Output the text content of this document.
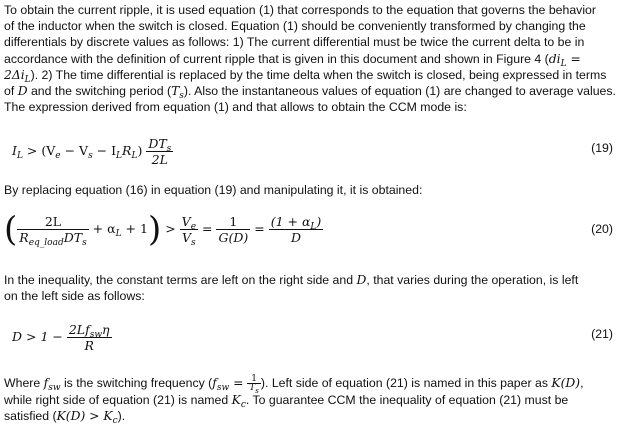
To obtain the current ripple, it is used equation (1) that corresponds to the equation that governs the behavior
of the inductor when the switch is closed. Equation (1) should be conveniently transformed by changing the
differentials by discrete values as follows: 1) The current differential must be twice the current delta to be in
accordance with the definition of current ripple that is given in this document and shown in Figure 4 ($di_L$ =
$2\Delta i_L$). 2) The time differential is replaced by the time delta when the switch is closed, being expressed in terms
of D and the switching period $(T_s)$. Also the instantaneous values of equation (1) are changed to average values.
The expression derived from equation (1) and that allows to obtain the CCM mode is:
$I_L > (V_e - V_s - I_LR_L) \frac{DT_s}{2L}$	(19)
By replacing equation (16) in equation (19) and manipulating it, it is obtained:
( $\frac{2L}{R_{eq\_load}DT_s} + \alpha_L + 1) > \frac{V_e}{V_s} = \frac{1}{G(D)} = \frac{(1 + \alpha_L)}{D}$	(20)
In the inequality, the constant terms are left on the right side and D, that varies during the operation, is left
on the left side as follows:
$D > 1 - \frac{2Lf_{sw}\eta}{R}$	(21)
Where $f_{sw}$ is the switching frequency ($f_{sw} = \frac{1}{T_s}$ ). Left side of equation (21) is named in this paper as K(D),
while right side of equation (21) is named $K_c$. To guarantee CCM the inequality of equation (21) must be
satisfied $(K(D) > K_c)$.
